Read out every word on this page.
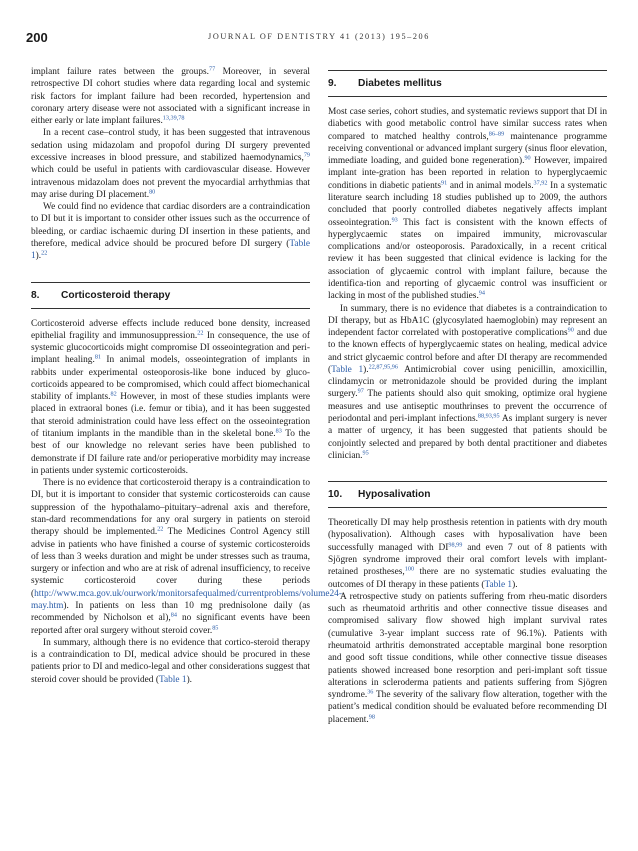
200	JOURNAL OF DENTISTRY 41 (2013) 195–206

implant failure rates between the groups.$^{77}$ Moreover, in several retrospective DI cohort studies where data regarding local and systemic risk factors for implant failure had been recorded, hypertension and coronary artery disease were not associated with a significant increase in either early or late implant failures.$^{13,39,78}$

In a recent case–control study, it has been suggested that intravenous sedation using midazolam and propofol during DI surgery prevented excessive increases in blood pressure, and stabilized haemodynamics,$^{79}$ which could be useful in patients with cardiovascular disease. However intravenous midazolam does not prevent the myocardial arrhythmias that may arise during DI placement.$^{80}$

We could find no evidence that cardiac disorders are a contraindication to DI but it is important to consider other issues such as the occurrence of bleeding, or cardiac ischaemic during DI insertion in these patients, and therefore, medical advice should be procured before DI surgery (Table 1).$^{22}$

8. Corticosteroid therapy

Corticosteroid adverse effects include reduced bone density, increased epithelial fragility and immunosuppression.$^{22}$ In consequence, the use of systemic glucocorticoids might compromise DI osseointegration and peri-implant healing.$^{81}$ In animal models, osseointegration of implants in rabbits under experimental osteoporosis-like bone induced by gluco-corticoids appeared to be compromised, which could affect biomechanical stability of implants.$^{82}$ However, in most of these studies implants were placed in extraoral bones (i.e. femur or tibia), and it has been suggested that steroid administration could have less effect on the osseointegration of titanium implants in the mandible than in the skeletal bone.$^{83}$ To the best of our knowledge no relevant series have been published to demonstrate if DI failure rate and/or perioperative morbidity may increase in patients under systemic corticosteroids.

There is no evidence that corticosteroid therapy is a contraindication to DI, but it is important to consider that systemic corticosteroids can cause suppression of the hypothalamo–pituitary–adrenal axis and therefore, stan-dard recommendations for any oral surgery in patients on steroid therapy should be implemented.$^{22}$ The Medicines Control Agency still advise in patients who have finished a course of systemic corticosteroids of less than 3 weeks duration and might be under stresses such as trauma, surgery or infection and who are at risk of adrenal insufficiency, to receive systemic corticosteroid cover during these periods (http://www.mca.gov.uk/ourwork/monitorsafequalmed/currentproblems/volume24-may.htm). In patients on less than 10 mg prednisolone daily (as recommended by Nicholson et al),$^{84}$ no significant events have been reported after oral surgery without steroid cover.$^{85}$

In summary, although there is no evidence that cortico-steroid therapy is a contraindication to DI, medical advice should be procured in these patients prior to DI and medico-legal and other considerations suggest that steroid cover should be provided (Table 1).

9. Diabetes mellitus

Most case series, cohort studies, and systematic reviews support that DI in diabetics with good metabolic control have similar success rates when compared to matched healthy controls,$^{86-89}$ maintenance programme receiving conventional or advanced implant surgery (sinus floor elevation, immediate loading, and guided bone regeneration).$^{90}$ However, impaired implant inte-gration has been reported in relation to hyperglycaemic conditions in diabetic patients$^{91}$ and in animal models.$^{37,92}$ In a systematic literature search including 18 studies published up to 2009, the authors concluded that poorly controlled diabetes negatively affects implant osseointegration.$^{93}$ This fact is consistent with the known effects of hyperglycaemic states on impaired immunity, microvascular complications and/or osteoporosis. Paradoxically, in a recent critical review it has been suggested that clinical evidence is lacking for the association of glycaemic control with implant failure, because the identifica-tion and reporting of glycaemic control was insufficient or lacking in most of the published studies.$^{94}$

In summary, there is no evidence that diabetes is a contraindication to DI therapy, but as HbA1C (glycosylated haemoglobin) may represent an independent factor correlated with postoperative complications$^{90}$ and due to the known effects of hyperglycaemic states on healing, medical advice and strict glycaemic control before and after DI therapy are recommended (Table 1).$^{22,87,95,96}$ Antimicrobial cover using penicillin, amoxicillin, clindamycin or metronidazole should be provided during the implant surgery.$^{97}$ The patients should also quit smoking, optimize oral hygiene measures and use antiseptic mouthrinses to prevent the occurrence of periodontal and peri-implant infections.$^{88,93,95}$ As implant surgery is never a matter of urgency, it has been suggested that patients should be conjointly selected and prepared by both dental practitioner and diabetes clinician.$^{95}$

10. Hyposalivation

Theoretically DI may help prosthesis retention in patients with dry mouth (hyposalivation). Although cases with hyposalivation have been successfully managed with DI$^{98,99}$ and even 7 out of 8 patients with Sjögren syndrome improved their oral comfort levels with implant-retained prostheses,$^{100}$ there are no systematic studies evaluating the outcomes of DI therapy in these patients (Table 1).

A retrospective study on patients suffering from rheu-matic disorders such as rheumatoid arthritis and other connective tissue diseases and compromised salivary flow showed high implant survival rates (cumulative 3-year implant success rate of 96.1%). Patients with rheumatoid arthritis demonstrated acceptable marginal bone resorption and good soft tissue conditions, while other connective tissue diseases patients showed increased bone resorption and peri-implant soft tissue alterations in scleroderma patients and patients suffering from Sjögren syndrome.$^{36}$ The severity of the salivary flow alteration, together with the patient’s medical condition should be evaluated before recommending DI placement.$^{98}$
